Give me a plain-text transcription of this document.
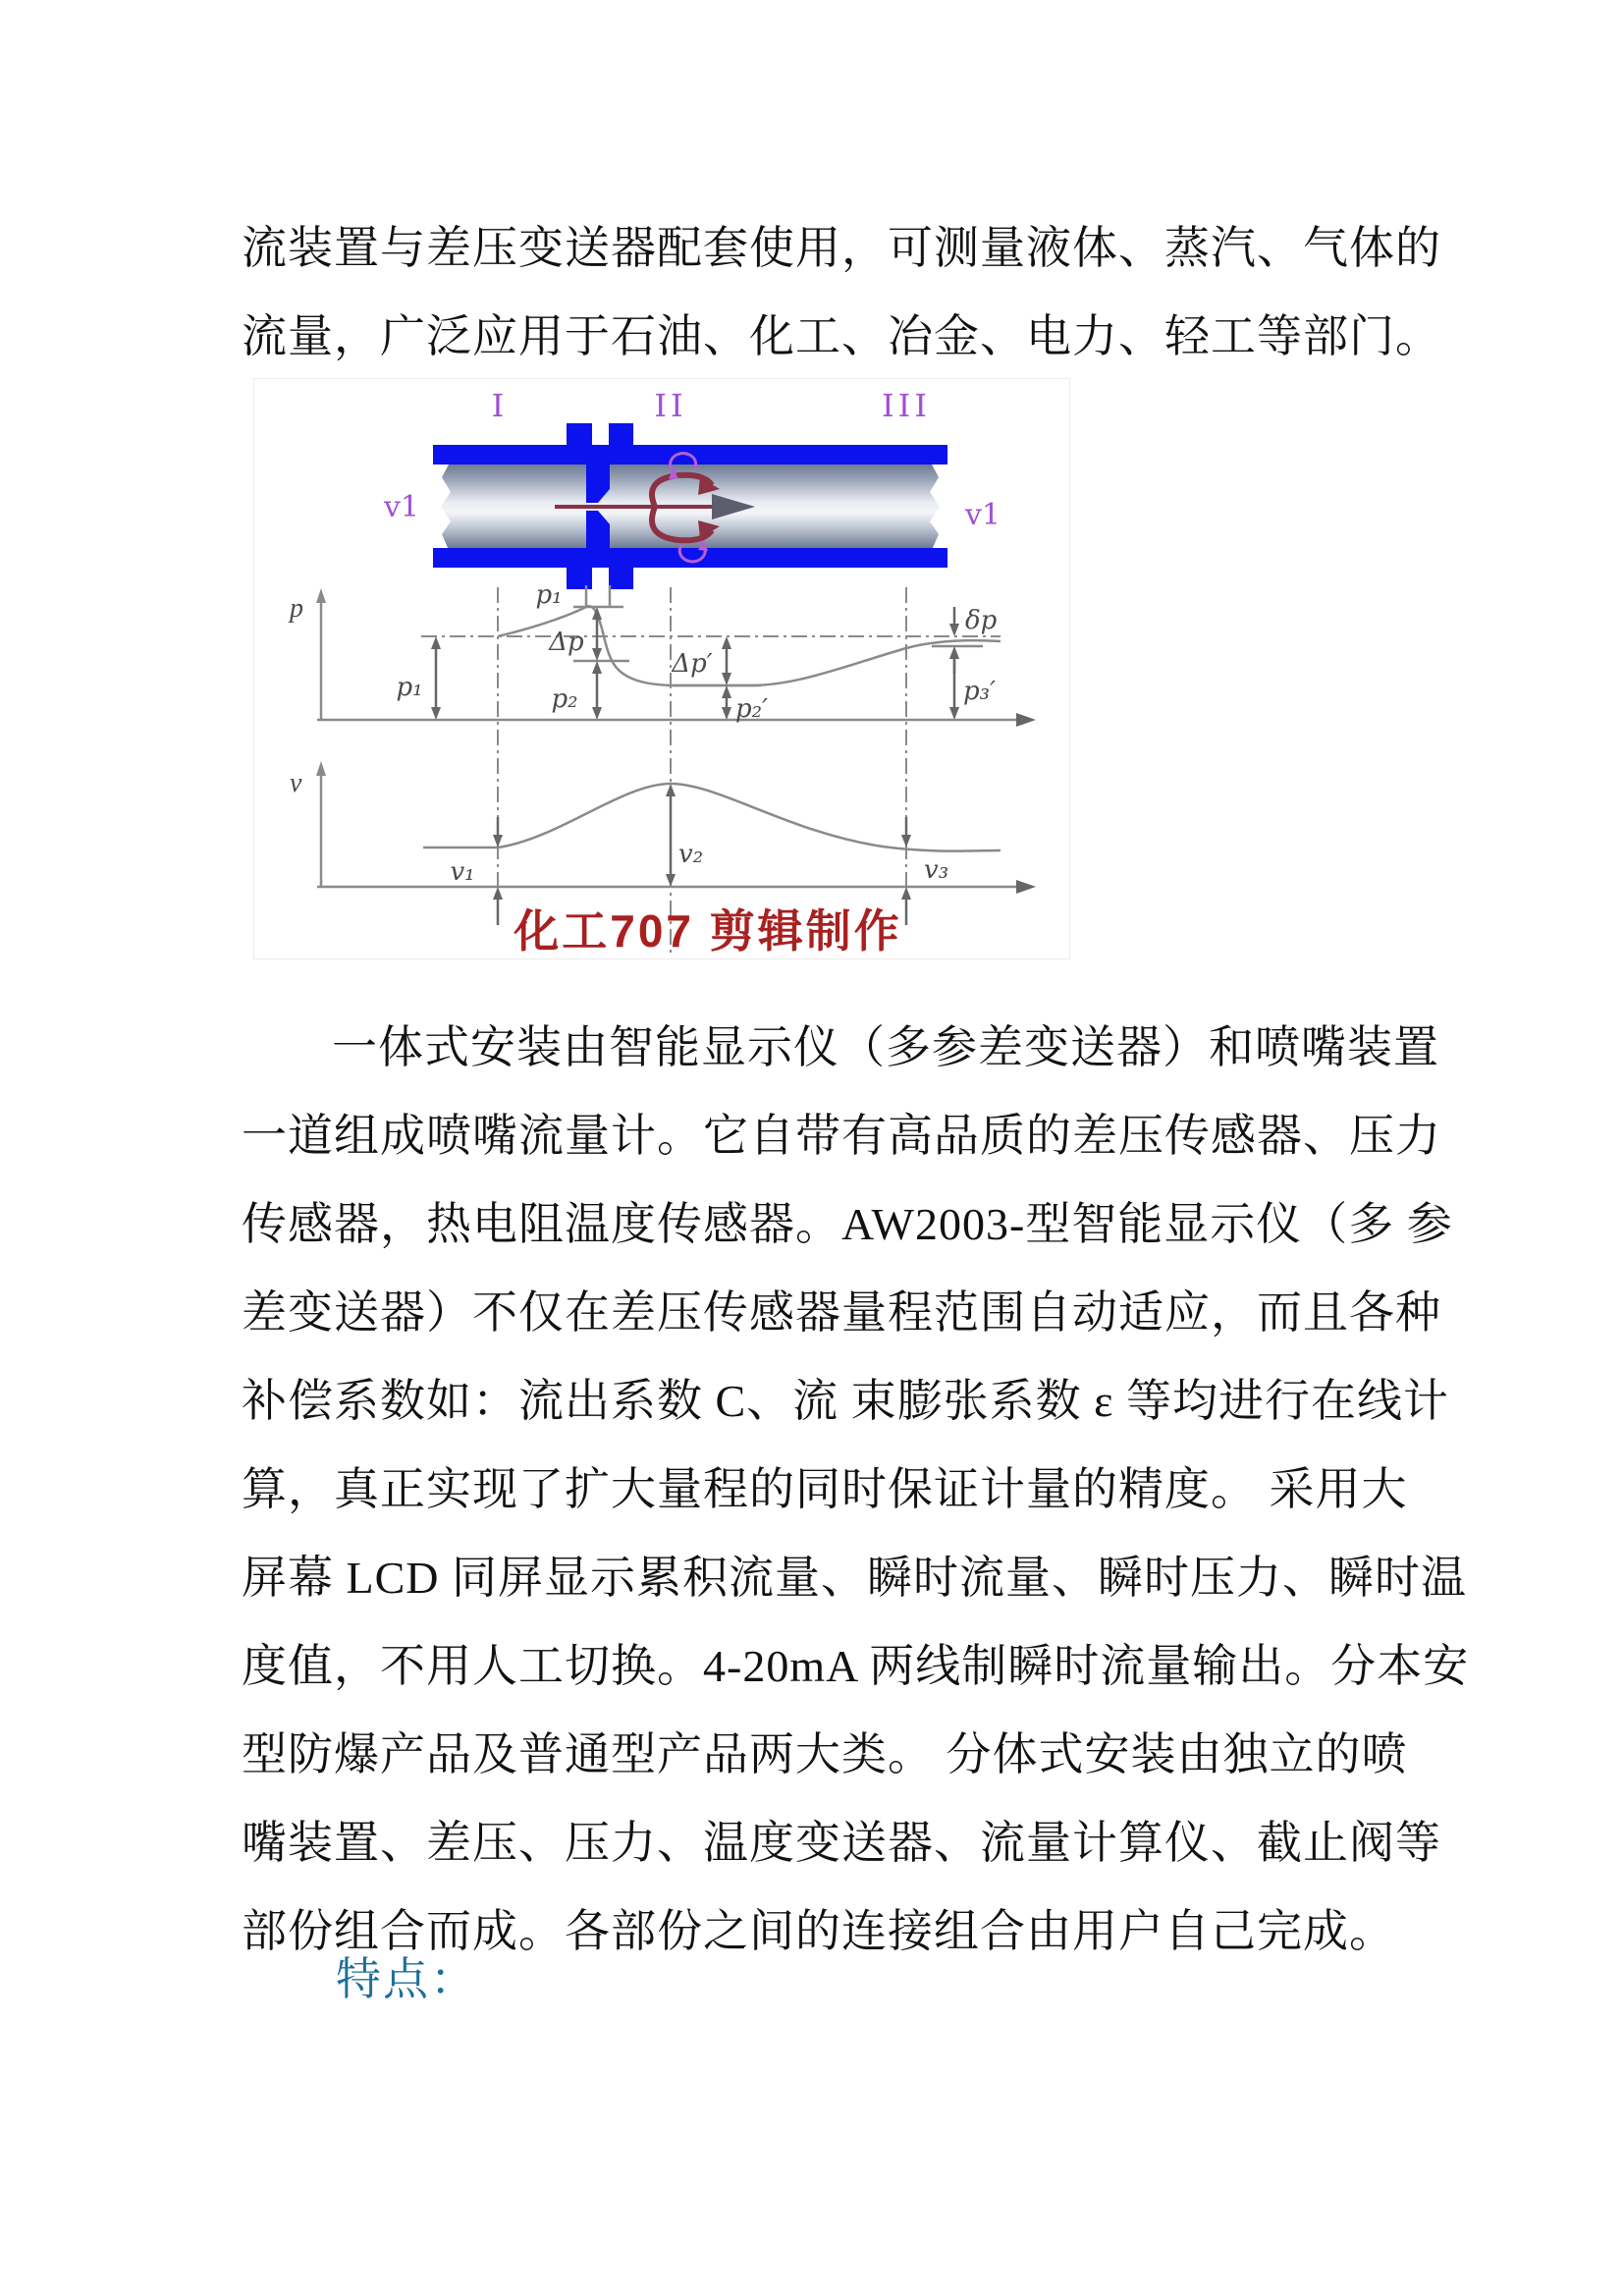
流装置与差压变送器配套使用，可测量液体、蒸汽、气体的
流量，广泛应用于石油、化工、冶金、电力、轻工等部门。
I	II	III
v1	v1
p	p₁
Δp
p₁	p₂
Δp′
p₂′
δp
p₃′
v
v₁
v₂
v₃
化工707 剪辑制作
一体式安装由智能显示仪（多参差变送器）和喷嘴装置
一道组成喷嘴流量计。它自带有高品质的差压传感器、压力
传感器，热电阻温度传感器。AW2003-型智能显示仪（多 参
差变送器）不仅在差压传感器量程范围自动适应，而且各种
补偿系数如：流出系数 C、流 束膨张系数 ε 等均进行在线计
算，真正实现了扩大量程的同时保证计量的精度。 采用大
屏幕 LCD 同屏显示累积流量、瞬时流量、瞬时压力、瞬时温
度值，不用人工切换。4-20mA 两线制瞬时流量输出。分本安
型防爆产品及普通型产品两大类。 分体式安装由独立的喷
嘴装置、差压、压力、温度变送器、流量计算仪、截止阀等
部份组合而成。各部份之间的连接组合由用户自己完成。
特点：
